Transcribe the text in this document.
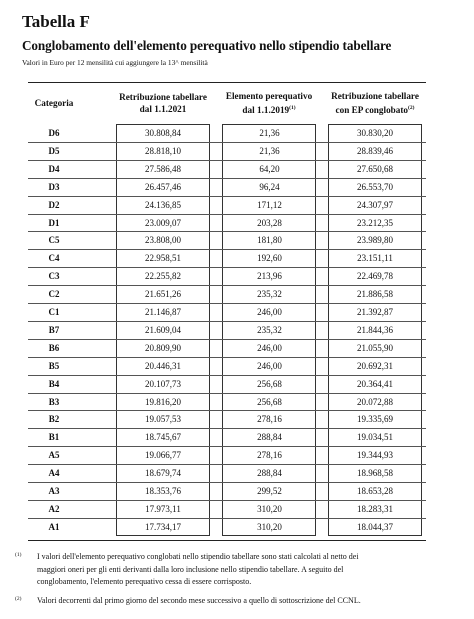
Tabella F
Conglobamento dell'elemento perequativo nello stipendio tabellare
Valori in Euro per 12 mensilità cui aggiungere la 13^ mensilità
Categoria
Retribuzione tabellare
dal 1.1.2021
Elemento perequativo
dal 1.1.2019$^{(1)}$
Retribuzione tabellare
con EP conglobato$^{(2)}$
D6	30.808,84	21,36	30.830,20
D5	28.818,10	21,36	28.839,46
D4	27.586,48	64,20	27.650,68
D3	26.457,46	96,24	26.553,70
D2	24.136,85	171,12	24.307,97
D1	23.009,07	203,28	23.212,35
C5	23.808,00	181,80	23.989,80
C4	22.958,51	192,60	23.151,11
C3	22.255,82	213,96	22.469,78
C2	21.651,26	235,32	21.886,58
C1	21.146,87	246,00	21.392,87
B7	21.609,04	235,32	21.844,36
B6	20.809,90	246,00	21.055,90
B5	20.446,31	246,00	20.692,31
B4	20.107,73	256,68	20.364,41
B3	19.816,20	256,68	20.072,88
B2	19.057,53	278,16	19.335,69
B1	18.745,67	288,84	19.034,51
A5	19.066,77	278,16	19.344,93
A4	18.679,74	288,84	18.968,58
A3	18.353,76	299,52	18.653,28
A2	17.973,11	310,20	18.283,31
A1	17.734,17	310,20	18.044,37
(1) I valori dell'elemento perequativo conglobati nello stipendio tabellare sono stati calcolati al netto dei
maggiori oneri per gli enti derivanti dalla loro inclusione nello stipendio tabellare. A seguito del
conglobamento, l'elemento perequativo cessa di essere corrisposto.
(2) Valori decorrenti dal primo giorno del secondo mese successivo a quello di sottoscrizione del CCNL.
